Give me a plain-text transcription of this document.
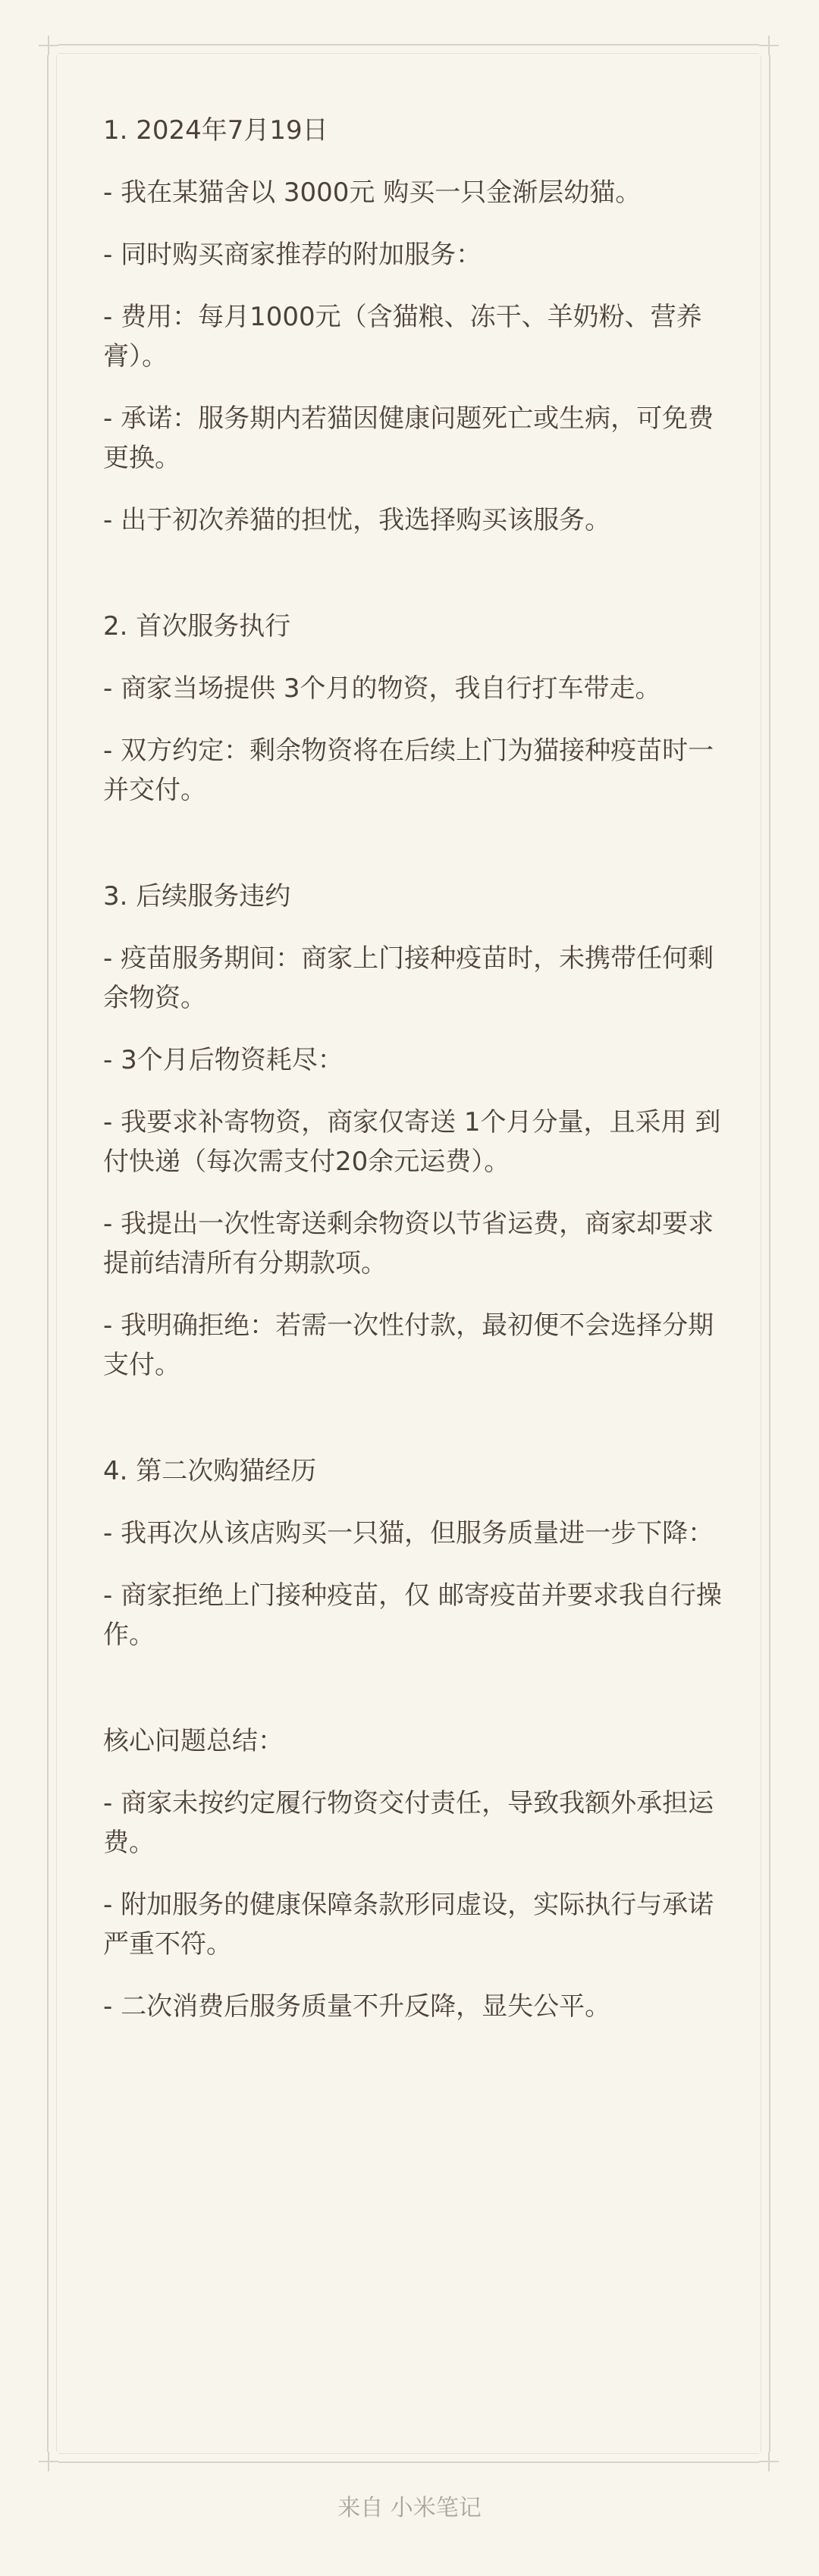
1. 2024年7月19日

- 我在某猫舍以 3000元 购买一只金渐层幼猫。

- 同时购买商家推荐的附加服务：

- 费用：每月1000元（含猫粮、冻干、羊奶粉、营养膏）。

- 承诺：服务期内若猫因健康问题死亡或生病，可免费更换。

- 出于初次养猫的担忧，我选择购买该服务。

2. 首次服务执行

- 商家当场提供 3个月的物资，我自行打车带走。

- 双方约定：剩余物资将在后续上门为猫接种疫苗时一并交付。

3. 后续服务违约

- 疫苗服务期间：商家上门接种疫苗时，未携带任何剩余物资。

- 3个月后物资耗尽：

- 我要求补寄物资，商家仅寄送 1个月分量，且采用 到付快递（每次需支付20余元运费）。

- 我提出一次性寄送剩余物资以节省运费，商家却要求 提前结清所有分期款项。

- 我明确拒绝：若需一次性付款，最初便不会选择分期支付。

4. 第二次购猫经历

- 我再次从该店购买一只猫，但服务质量进一步下降：

- 商家拒绝上门接种疫苗，仅 邮寄疫苗并要求我自行操作。

核心问题总结：

- 商家未按约定履行物资交付责任，导致我额外承担运费。

- 附加服务的健康保障条款形同虚设，实际执行与承诺严重不符。

- 二次消费后服务质量不升反降，显失公平。

来自 小米笔记
